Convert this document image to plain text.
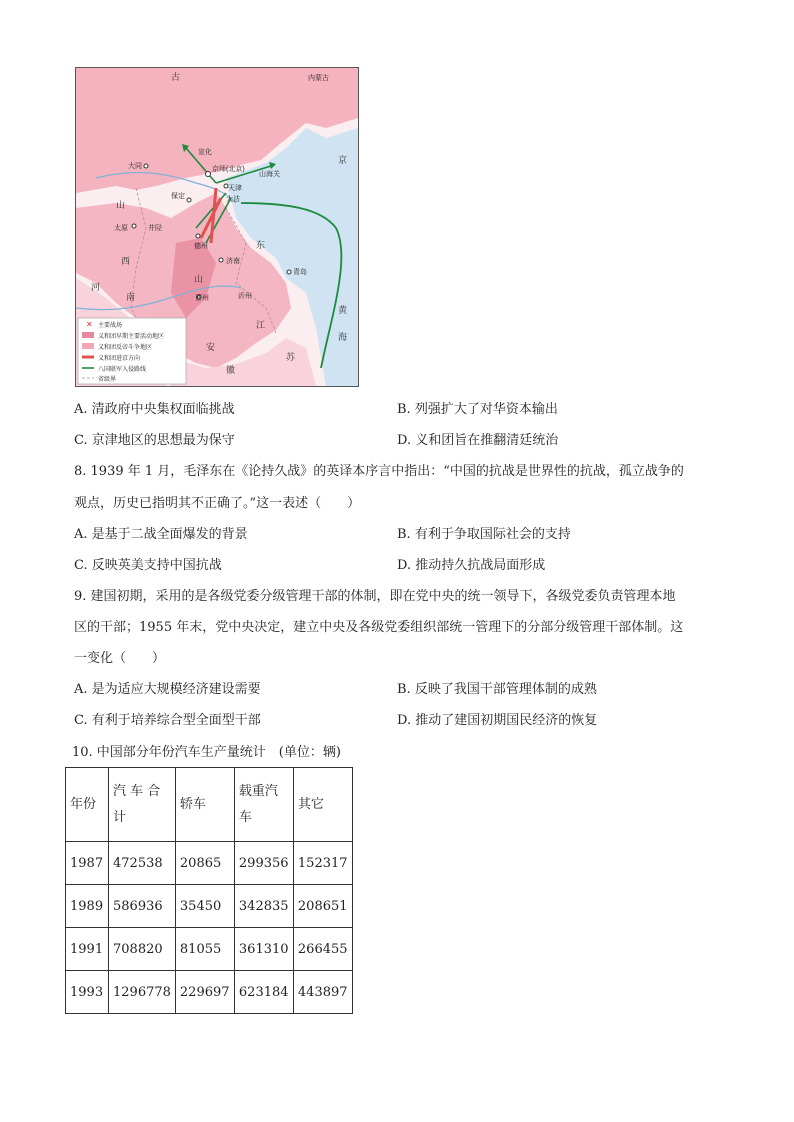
京师(北京)
天津
大沽
保定
大同
宣化
山海关
太原	井陉
德州
济南
青岛
曹州	沂州
内蒙古
古
京
山
西
山
东
河
南
安
徽
江
苏
黄
海
✕ 主要战场
义和团早期主要活动地区
义和团反帝斗争地区
义和团进京方向
八国联军入侵路线
省级界
A. 清政府中央集权面临挑战	B. 列强扩大了对华资本输出
C. 京津地区的思想最为保守	D. 义和团旨在推翻清廷统治
8. 1939 年 1 月，毛泽东在《论持久战》的英译本序言中指出：“中国的抗战是世界性的抗战，孤立战争的
观点，历史已指明其不正确了。”这一表述（　　）
A. 是基于二战全面爆发的背景	B. 有利于争取国际社会的支持
C. 反映英美支持中国抗战	D. 推动持久抗战局面形成
9. 建国初期，采用的是各级党委分级管理干部的体制，即在党中央的统一领导下，各级党委负责管理本地
区的干部；1955 年末，党中央决定，建立中央及各级党委组织部统一管理下的分部分级管理干部体制。这
一变化（　　）
A. 是为适应大规模经济建设需要	B. 反映了我国干部管理体制的成熟
C. 有利于培养综合型全面型干部	D. 推动了建国初期国民经济的恢复
10. 中国部分年份汽车生产量统计　(单位：辆)
年份	汽 车 合 计	轿车	载重汽车	其它
1987	472538	20865	299356	152317
1989	586936	35450	342835	208651
1991	708820	81055	361310	266455
1993	1296778	229697	623184	443897
